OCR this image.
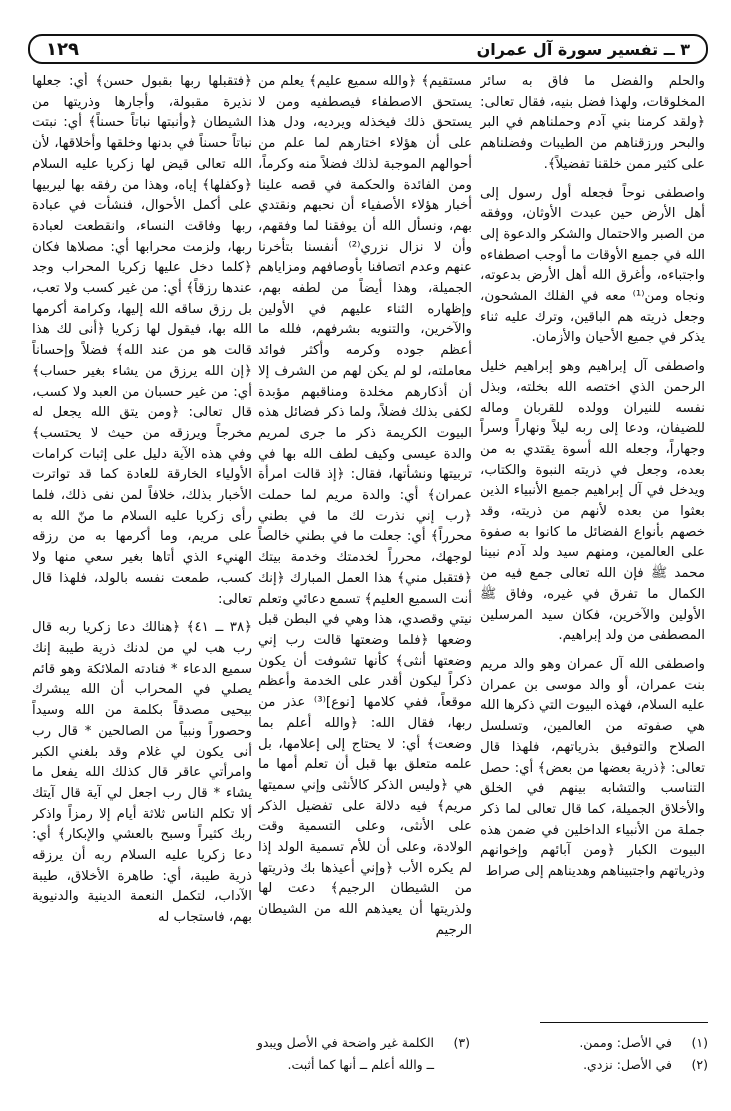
٣ ــ تفسير سورة آل عمران
١٢٩

والحلم والفضل ما فاق به سائر المخلوقات، ولهذا فضل بنيه، فقال تعالى: ﴿ولقد كرمنا بني آدم وحملناهم في البر والبحر ورزقناهم من الطيبات وفضلناهم على كثير ممن خلقنا تفضيلاً﴾.

واصطفى نوحاً فجعله أول رسول إلى أهل الأرض حين عبدت الأوثان، ووفقه من الصبر والاحتمال والشكر والدعوة إلى الله في جميع الأوقات ما أوجب اصطفاءه واجتباءه، وأغرق الله أهل الأرض بدعوته، ونجاه ومن⁽¹⁾ معه في الفلك المشحون، وجعل ذريته هم الباقين، وترك عليه ثناء يذكر في جميع الأحيان والأزمان.

واصطفى آل إبراهيم وهو إبراهيم خليل الرحمن الذي اختصه الله بخلته، وبذل نفسه للنيران وولده للقربان وماله للضيفان، ودعا إلى ربه ليلاً ونهاراً وسراً وجهاراً، وجعله الله أسوة يقتدي به من بعده، وجعل في ذريته النبوة والكتاب، ويدخل في آل إبراهيم جميع الأنبياء الذين بعثوا من بعده لأنهم من ذريته، وقد خصهم بأنواع الفضائل ما كانوا به صفوة على العالمين، ومنهم سيد ولد آدم نبينا محمد ﷺ فإن الله تعالى جمع فيه من الكمال ما تفرق في غيره، وفاق ﷺ الأولين والآخرين، فكان سيد المرسلين المصطفى من ولد إبراهيم.

واصطفى الله آل عمران وهو والد مريم بنت عمران، أو والد موسى بن عمران عليه السلام، فهذه البيوت التي ذكرها الله هي صفوته من العالمين، وتسلسل الصلاح والتوفيق بذرياتهم، فلهذا قال تعالى: ﴿ذرية بعضها من بعض﴾ أي: حصل التناسب والتشابه بينهم في الخلق والأخلاق الجميلة، كما قال تعالى لما ذكر جملة من الأنبياء الداخلين في ضمن هذه البيوت الكبار ﴿ومن آبائهم وإخوانهم وذرياتهم واجتبيناهم وهديناهم إلى صراط

مستقيم﴾ ﴿والله سميع عليم﴾ يعلم من يستحق الاصطفاء فيصطفيه ومن لا يستحق ذلك فيخذله ويرديه، ودل هذا على أن هؤلاء اختارهم لما علم من أحوالهم الموجبة لذلك فضلاً منه وكرماً، ومن الفائدة والحكمة في قصه علينا أخبار هؤلاء الأصفياء أن نحبهم ونقتدي بهم، ونسأل الله أن يوفقنا لما وفقهم، وأن لا نزال نزري⁽²⁾ أنفسنا بتأخرنا عنهم وعدم اتصافنا بأوصافهم ومزاياهم الجميلة، وهذا أيضاً من لطفه بهم، وإظهاره الثناء عليهم في الأولين والآخرين، والتنويه بشرفهم، فلله ما أعظم جوده وكرمه وأكثر فوائد معاملته، لو لم يكن لهم من الشرف إلا أن أذكارهم مخلدة ومناقبهم مؤبدة لكفى بذلك فضلاً، ولما ذكر فضائل هذه البيوت الكريمة ذكر ما جرى لمريم والدة عيسى وكيف لطف الله بها في تربيتها ونشأتها، فقال: ﴿إذ قالت امرأة عمران﴾ أي: والدة مريم لما حملت ﴿رب إني نذرت لك ما في بطني محرراً﴾ أي: جعلت ما في بطني خالصاً لوجهك، محرراً لخدمتك وخدمة بيتك ﴿فتقبل مني﴾ هذا العمل المبارك ﴿إنك أنت السميع العليم﴾ تسمع دعائي وتعلم نيتي وقصدي، هذا وهي في البطن قبل وضعها ﴿فلما وضعتها قالت رب إني وضعتها أنثى﴾ كأنها تشوفت أن يكون ذكراً ليكون أقدر على الخدمة وأعظم موقعاً، ففي كلامها [نوع]⁽³⁾ عذر من ربها، فقال الله: ﴿والله أعلم بما وضعت﴾ أي: لا يحتاج إلى إعلامها، بل علمه متعلق بها قبل أن تعلم أمها ما هي ﴿وليس الذكر كالأنثى وإني سميتها مريم﴾ فيه دلالة على تفضيل الذكر على الأنثى، وعلى التسمية وقت الولادة، وعلى أن للأم تسمية الولد إذا لم يكره الأب ﴿وإني أعيذها بك وذريتها من الشيطان الرجيم﴾ دعت لها ولذريتها أن يعيذهم الله من الشيطان الرجيم

﴿فتقبلها ربها بقبول حسن﴾ أي: جعلها نذيرة مقبولة، وأجارها وذريتها من الشيطان ﴿وأنبتها نباتاً حسناً﴾ أي: نبتت نباتاً حسناً في بدنها وخلقها وأخلاقها، لأن الله تعالى قيض لها زكريا عليه السلام ﴿وكفلها﴾ إياه، وهذا من رفقه بها ليربيها على أكمل الأحوال، فنشأت في عبادة ربها وفاقت النساء، وانقطعت لعبادة ربها، ولزمت محرابها أي: مصلاها فكان ﴿كلما دخل عليها زكريا المحراب وجد عندها رزقاً﴾ أي: من غير كسب ولا تعب، بل رزق ساقه الله إليها، وكرامة أكرمها الله بها، فيقول لها زكريا ﴿أنى لك هذا قالت هو من عند الله﴾ فضلاً وإحساناً ﴿إن الله يرزق من يشاء بغير حساب﴾ أي: من غير حسبان من العبد ولا كسب، قال تعالى: ﴿ومن يتق الله يجعل له مخرجاً ويرزقه من حيث لا يحتسب﴾ وفي هذه الآية دليل على إثبات كرامات الأولياء الخارقة للعادة كما قد تواترت الأخبار بذلك، خلافاً لمن نفى ذلك، فلما رأى زكريا عليه السلام ما منّ الله به على مريم، وما أكرمها به من رزقه الهنيء الذي أتاها بغير سعي منها ولا كسب، طمعت نفسه بالولد، فلهذا قال تعالى:

﴿٣٨ ــ ٤١﴾ ﴿هنالك دعا زكريا ربه قال رب هب لي من لدنك ذرية طيبة إنك سميع الدعاء * فنادته الملائكة وهو قائم يصلي في المحراب أن الله يبشرك بيحيى مصدقاً بكلمة من الله وسيداً وحصوراً ونبياً من الصالحين * قال رب أنى يكون لي غلام وقد بلغني الكبر وامرأتي عاقر قال كذلك الله يفعل ما يشاء * قال رب اجعل لي آية قال آيتك ألا تكلم الناس ثلاثة أيام إلا رمزاً واذكر ربك كثيراً وسبح بالعشي والإبكار﴾ أي: دعا زكريا عليه السلام ربه أن يرزقه ذرية طيبة، أي: طاهرة الأخلاق، طيبة الآداب، لتكمل النعمة الدينية والدنيوية بهم، فاستجاب له

(١)
في الأصل: وممن.
(٢)
في الأصل: نزدي.
(٣)
الكلمة غير واضحة في الأصل ويبدو
ــ والله أعلم ــ أنها كما أثبت.
